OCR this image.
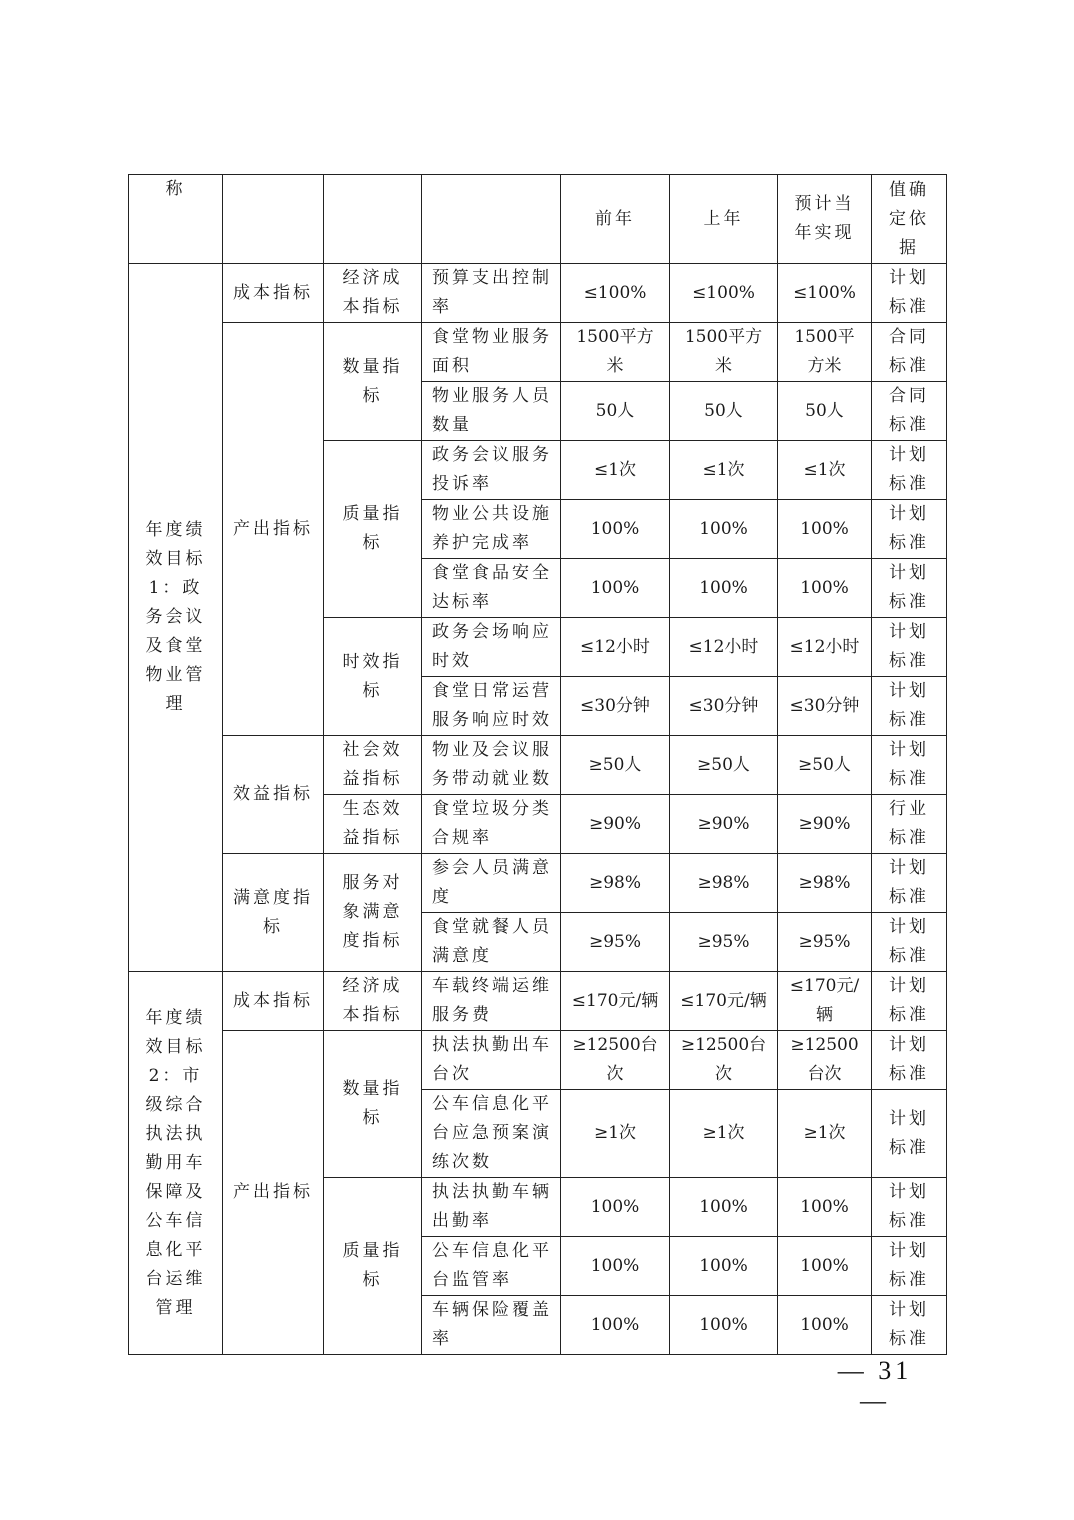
称				前年	上年	预计当年实现	值确定依据
年度绩效目标1：政务会议及食堂物业管理	成本指标	经济成本指标	预算支出控制率	≤100%	≤100%	≤100%	计划标准
	产出指标	数量指标	食堂物业服务面积	1500平方米	1500平方米	1500平方米	合同标准
			物业服务人员数量	50人	50人	50人	合同标准
		质量指标	政务会议服务投诉率	≤1次	≤1次	≤1次	计划标准
			物业公共设施养护完成率	100%	100%	100%	计划标准
			食堂食品安全达标率	100%	100%	100%	计划标准
		时效指标	政务会场响应时效	≤12小时	≤12小时	≤12小时	计划标准
			食堂日常运营服务响应时效	≤30分钟	≤30分钟	≤30分钟	计划标准
	效益指标	社会效益指标	物业及会议服务带动就业数	≥50人	≥50人	≥50人	计划标准
		生态效益指标	食堂垃圾分类合规率	≥90%	≥90%	≥90%	行业标准
	满意度指标	服务对象满意度指标	参会人员满意度	≥98%	≥98%	≥98%	计划标准
			食堂就餐人员满意度	≥95%	≥95%	≥95%	计划标准
年度绩效目标2：市级综合执法执勤用车保障及公车信息化平台运维管理	成本指标	经济成本指标	车载终端运维服务费	≤170元/辆	≤170元/辆	≤170元/辆	计划标准
	产出指标	数量指标	执法执勤出车台次	≥12500台次	≥12500台次	≥12500台次	计划标准
			公车信息化平台应急预案演练次数	≥1次	≥1次	≥1次	计划标准
		质量指标	执法执勤车辆出勤率	100%	100%	100%	计划标准
			公车信息化平台监管率	100%	100%	100%	计划标准
			车辆保险覆盖率	100%	100%	100%	计划标准
— 31 —
